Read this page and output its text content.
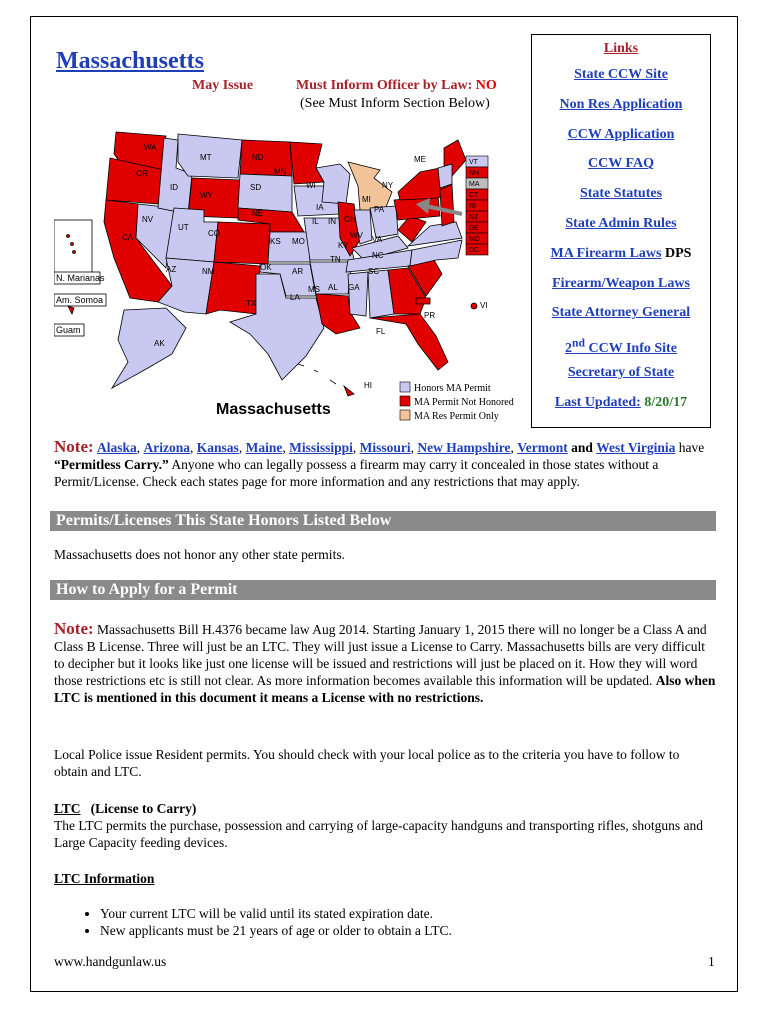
Massachusetts
May Issue	Must Inform Officer by Law: NO
(See Must Inform Section Below)
Links
State CCW Site
Non Res Application
CCW Application
CCW FAQ
State Statutes
State Admin Rules
MA Firearm Laws DPS
Firearm/Weapon Laws
State Attorney General
2nd CCW Info Site
Secretary of State
Last Updated: 8/20/17
N. Marianas
Am. Somoa
Guam
WA
MT	ND
MN
OR
ID	SD	WI
WY	MI
NY
NE
IA	PA
NV
UT
CO
KS
IL IN OH
MO	KY
WV VA
CA
AZ	NM	OK	AR
TN	NC
SC
TX
MS AL GA
LA
FL
AK
HI
PR
VI
ME	VT
NH
MA
CT
RI
NJ
DE
MD
DC
Massachusetts
Honors MA Permit
MA Permit Not Honored
MA Res Permit Only
Note: Alaska, Arizona, Kansas, Maine, Mississippi, Missouri, New Hampshire, Vermont and West Virginia have “Permitless Carry.” Anyone who can legally possess a firearm may carry it concealed in those states without a Permit/License. Check each states page for more information and any restrictions that may apply.
Permits/Licenses This State Honors Listed Below
Massachusetts does not honor any other state permits.
How to Apply for a Permit
Note: Massachusetts Bill H.4376 became law Aug 2014. Starting January 1, 2015 there will no longer be a Class A and Class B License. Three will just be an LTC. They will just issue a License to Carry. Massachusetts bills are very difficult to decipher but it looks like just one license will be issued and restrictions will just be placed on it. How they will word those restrictions etc is still not clear. As more information becomes available this information will be updated. Also when LTC is mentioned in this document it means a License with no restrictions.
Local Police issue Resident permits. You should check with your local police as to the criteria you have to follow to obtain and LTC.
LTC (License to Carry)
The LTC permits the purchase, possession and carrying of large-capacity handguns and transporting rifles, shotguns and Large Capacity feeding devices.
LTC Information
• Your current LTC will be valid until its stated expiration date.
• New applicants must be 21 years of age or older to obtain a LTC.
www.handgunlaw.us	1
